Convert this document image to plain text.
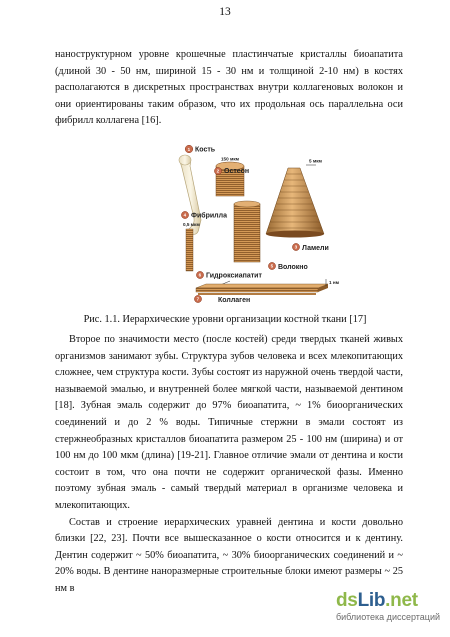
13
наноструктурном уровне крошечные пластинчатые кристаллы биоапатита (длиной 30 - 50 нм, шириной 15 - 30 нм и толщиной 2-10 нм) в костях располагаются в дискретных пространствах внутри коллагеновых волокон и они ориентированы таким образом, что их продольная ось параллельна оси фибрилл коллагена [16].
1 Кость
150 мкм
2 Остеон
5 мкм
3 Ламели
4 Фибрилла
0,5 мкм
5 Волокно
6 Гидроксиапатит
1 нм
7	Коллаген
Рис. 1.1. Иерархические уровни организации костной ткани [17]
Второе по значимости место (после костей) среди твердых тканей живых организмов занимают зубы. Структура зубов человека и всех млекопитающих сложнее, чем структура кости. Зубы состоят из наружной очень твердой части, называемой эмалью, и внутренней более мягкой части, называемой дентином [18]. Зубная эмаль содержит до 97% биоапатита, ~ 1% биоорганических соединений и до 2 % воды. Типичные стержни в эмали состоят из стержнеобразных кристаллов биоапатита размером 25 - 100 нм (ширина) и от 100 нм до 100 мкм (длина) [19-21]. Главное отличие эмали от дентина и кости состоит в том, что она почти не содержит органической фазы. Именно поэтому зубная эмаль - самый твердый материал в организме человека и млекопитающих.
Состав и строение иерархических уравней дентина и кости довольно близки [22, 23]. Почти все вышесказанное о кости относится и к дентину. Дентин содержит ~ 50% биоапатита, ~ 30% биоорганических соединений и ~ 20% воды. В дентине наноразмерные строительные блоки имеют размеры ~ 25 нм в
dsLib.net
библиотека диссертаций
